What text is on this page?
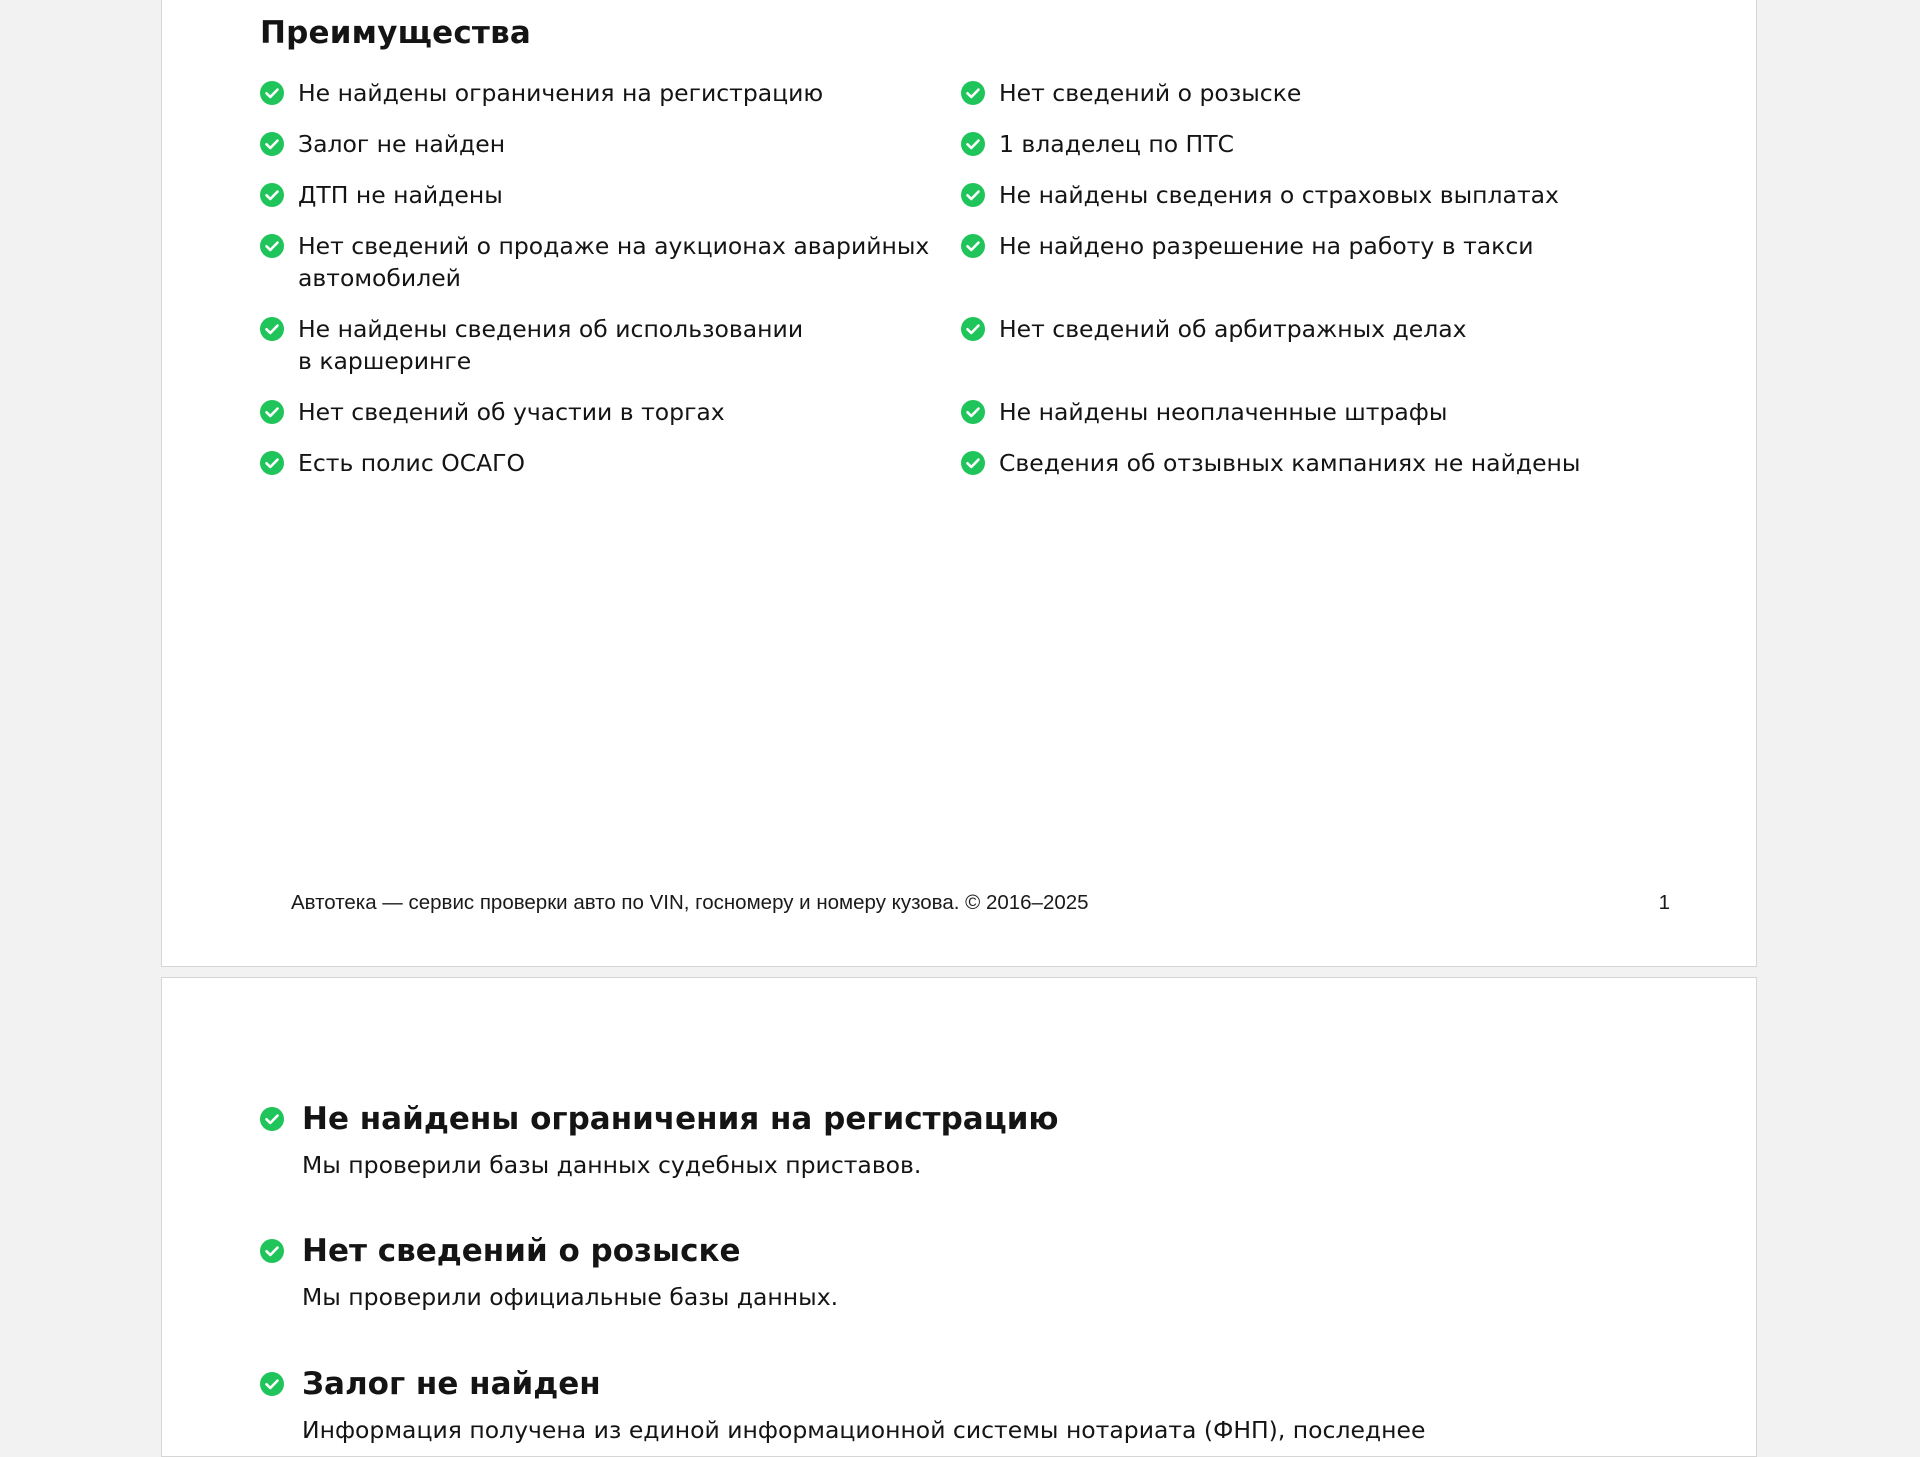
Преимущества
Не найдены ограничения на регистрацию
Залог не найден
ДТП не найдены
Нет сведений о продаже на аукционах аварийных
автомобилей
Не найдены сведения об использовании
в каршеринге
Нет сведений об участии в торгах
Есть полис ОСАГО
Нет сведений о розыске
1 владелец по ПТС
Не найдены сведения о страховых выплатах
Не найдено разрешение на работу в такси
Нет сведений об арбитражных делах
Не найдены неоплаченные штрафы
Сведения об отзывных кампаниях не найдены
Автотека — сервис проверки авто по VIN, госномеру и номеру кузова. © 2016–2025	1
Не найдены ограничения на регистрацию
Мы проверили базы данных судебных приставов.
Нет сведений о розыске
Мы проверили официальные базы данных.
Залог не найден
Информация получена из единой информационной системы нотариата (ФНП), последнее
